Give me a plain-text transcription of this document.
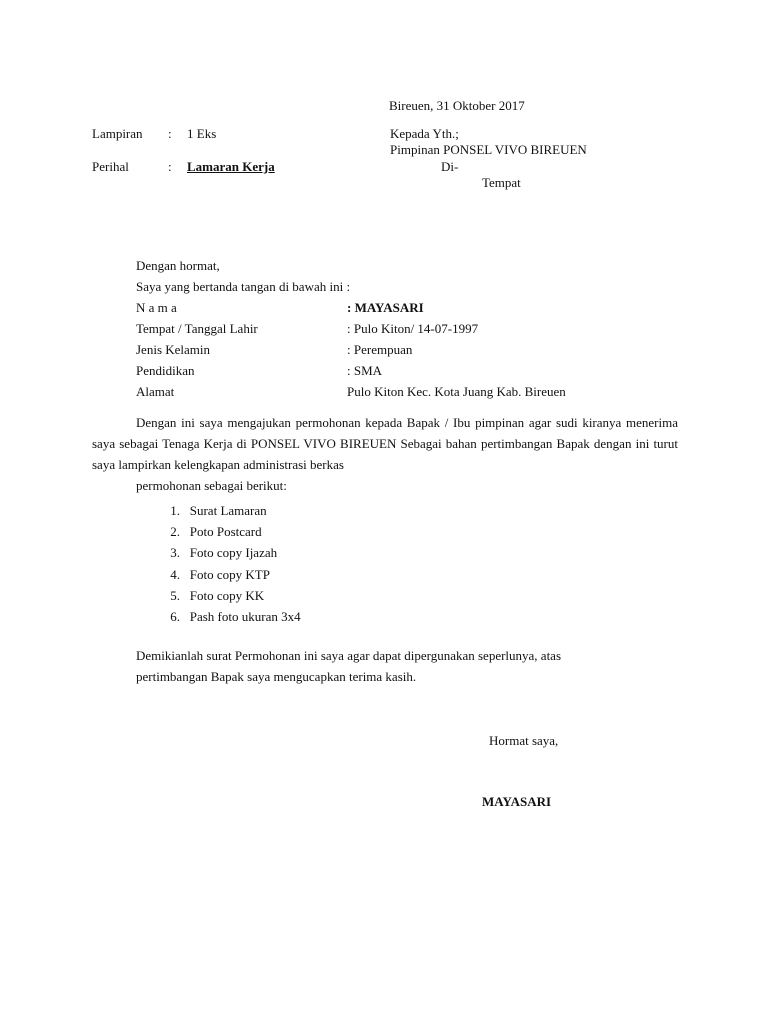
Bireuen, 31 Oktober 2017
Lampiran : 1 Eks
Perihal	: Lamaran Kerja
Kepada Yth.;
Pimpinan PONSEL VIVO BIREUEN
Di-
Tempat
Dengan hormat,
Saya yang bertanda tangan di bawah ini :
N a m a	: MAYASARI
Tempat / Tanggal Lahir	: Pulo Kiton/ 14-07-1997
Jenis Kelamin	: Perempuan
Pendidikan	: SMA
Alamat	Pulo Kiton Kec. Kota Juang Kab. Bireuen

Dengan ini saya mengajukan permohonan kepada Bapak / Ibu pimpinan agar sudi kiranya menerima saya sebagai Tenaga Kerja di PONSEL VIVO BIREUEN Sebagai bahan pertimbangan Bapak dengan ini turut saya lampirkan kelengkapan administrasi berkas
permohonan sebagai berikut:

1. Surat Lamaran
2. Poto Postcard
3. Foto copy Ijazah
4. Foto copy KTP
5. Foto copy KK
6. Pash foto ukuran 3x4

Demikianlah surat Permohonan ini saya agar dapat dipergunakan seperlunya, atas
pertimbangan Bapak saya mengucapkan terima kasih.

Hormat saya,
MAYASARI
